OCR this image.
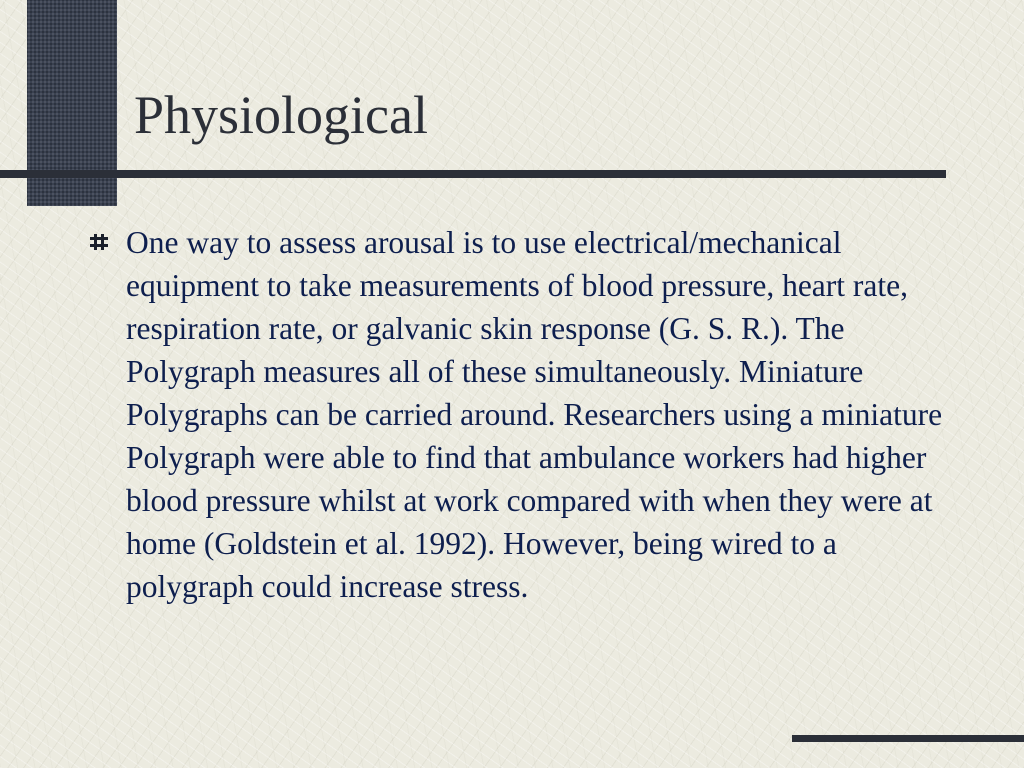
Physiological

One way to assess arousal is to use electrical/mechanical equipment to take measurements of blood pressure, heart rate, respiration rate, or galvanic skin response (G. S. R.). The Polygraph measures all of these simultaneously. Miniature Polygraphs can be carried around. Researchers using a miniature Polygraph were able to find that ambulance workers had higher blood pressure whilst at work compared with when they were at home (Goldstein et al. 1992). However, being wired to a polygraph could increase stress.
